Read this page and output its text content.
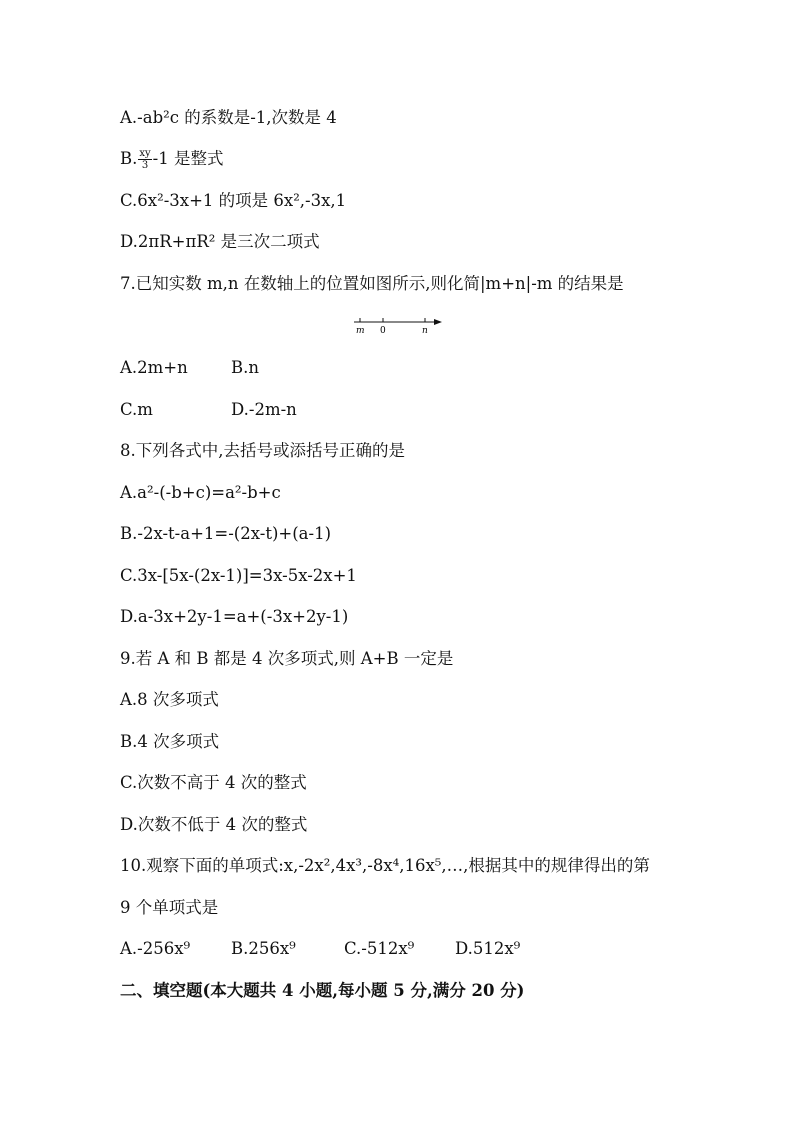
A.-ab²c 的系数是-1,次数是 4
B. $\frac{xy}{3} -1$ 是整式
C.6x²-3x+1 的项是 6x²,-3x,1
D.2πR+πR² 是三次二项式
7.已知实数 m,n 在数轴上的位置如图所示,则化简|m+n|-m 的结果是
m 0	n
A.2m+n	B.n
C.m	D.-2m-n
8.下列各式中,去括号或添括号正确的是
A.a²-(-b+c)=a²-b+c
B.-2x-t-a+1=-(2x-t)+(a-1)
C.3x-[5x-(2x-1)]=3x-5x-2x+1
D.a-3x+2y-1=a+(-3x+2y-1)
9.若 A 和 B 都是 4 次多项式,则 A+B 一定是
A.8 次多项式
B.4 次多项式
C.次数不高于 4 次的整式
D.次数不低于 4 次的整式
10.观察下面的单项式:x,-2x²,4x³,-8x⁴,16x⁵,…,根据其中的规律得出的第
9 个单项式是
A.-256x⁹ B.256x⁹	C.-512x⁹ D.512x⁹
二、填空题(本大题共 4 小题,每小题 5 分,满分 20 分)
